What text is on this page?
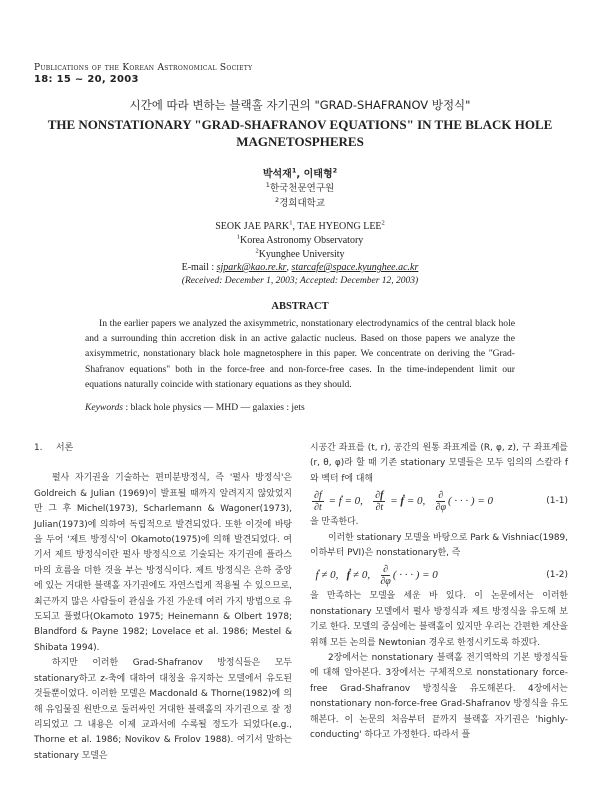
Publications of the Korean Astronomical Society
18: 15 ~ 20, 2003
시간에 따라 변하는 블랙홀 자기권의 "GRAD-SHAFRANOV 방정식"
THE NONSTATIONARY "GRAD-SHAFRANOV EQUATIONS" IN THE BLACK HOLE
MAGNETOSPHERES
박석재$^1$, 이태형$^2$
$^1$한국천문연구원
$^2$경희대학교
SEOK JAE PARK$^1$, TAE HYEONG LEE$^2$
$^1$Korea Astronomy Observatory
$^2$Kyunghee University
E-mail : sjpark@kao.re.kr, starcafe@space.kyunghee.ac.kr
(Received: December 1, 2003; Accepted: December 12, 2003)
ABSTRACT
In the earlier papers we analyzed the axisymmetric, nonstationary electrodynamics of the central black hole and a surrounding thin accretion disk in an active galactic nucleus. Based on those papers we analyze the axisymmetric, nonstationary black hole magnetosphere in this paper. We concentrate on deriving the "Grad-Shafranov equations" both in the force-free and non-force-free cases. In the time-independent limit our equations naturally coincide with stationary equations as they should.
Keywords : black hole physics — MHD — galaxies : jets
1. 서론

펄사 자기권을 기술하는 편미분방정식, 즉 '펄사 방정식'은 Goldreich & Julian (1969)이 발표될 때까지 알려지지 않았었지만 그 후 Michel(1973), Scharlemann & Wagoner(1973), Julian(1973)에 의하여 독립적으로 발견되었다. 또한 이것에 바탕을 두어 '제트 방정식'이 Okamoto(1975)에 의해 발견되었다. 여기서 제트 방정식이란 펄사 방정식으로 기술되는 자기권에 플라스마의 흐름을 더한 것을 부는 방정식이다. 제트 방정식은 은하 중앙에 있는 거대한 블랙홀 자기권에도 자연스럽게 적용될 수 있으므로, 최근까지 많은 사람들이 관심을 가진 가운데 여러 가지 방법으로 유도되고 풀렸다(Okamoto 1975; Heinemann & Olbert 1978; Blandford & Payne 1982; Lovelace et al. 1986; Mestel & Shibata 1994).

하지만 이러한 Grad-Shafranov 방정식들은 모두 stationary하고 z-축에 대하여 대칭을 유지하는 모델에서 유도된 것들뿐이었다. 이러한 모델은 Macdonald & Thorne(1982)에 의해 유입물질 원반으로 둘러싸인 거대한 블랙홀의 자기권으로 잘 정리되었고 그 내용은 이제 교과서에 수록될 정도가 되었다(e.g., Thorne et al. 1986; Novikov & Frolov 1988). 여기서 말하는 stationary 모델은

시공간 좌표를 (t, r), 공간의 원통 좌표계를 (R, φ, z), 구 좌표계를 (r, θ, φ)라 할 때 기존 stationary 모델들은 모두 임의의 스칼라 f와 벡터 f에 대해

$\frac{\partial f}{\partial t}$ = ḟ = 0, $\frac{\partial f}{\partial t}$ = ḟ = 0, $\frac{\partial}{\partial\varphi}$ ( · · · ) = 0	(1-1)

을 만족한다.

이러한 stationary 모델을 바탕으로 Park & Vishniac(1989, 이하부터 PVI)은 nonstationary한, 즉

ḟ ≠ 0,   ḟ ≠ 0, $\frac{\partial}{\partial\varphi}$ ( · · · ) = 0	(1-2)

을 만족하는 모델을 세운 바 있다. 이 논문에서는 이러한 nonstationary 모델에서 펄사 방정식과 제트 방정식을 유도해 보기로 한다. 모델의 중심에는 블랙홀이 있지만 우리는 간편한 계산을 위해 모든 논의를 Newtonian 경우로 한정시키도록 하겠다.

2장에서는 nonstationary 블랙홀 전기역학의 기본 방정식들에 대해 알아본다. 3장에서는 구체적으로 nonstationary force-free Grad-Shafranov 방정식을 유도해본다. 4장에서는 nonstationary non-force-free Grad-Shafranov 방정식을 유도해본다. 이 논문의 처음부터 끝까지 블랙홀 자기권은 'highly-conducting' 하다고 가정한다. 따라서 플
